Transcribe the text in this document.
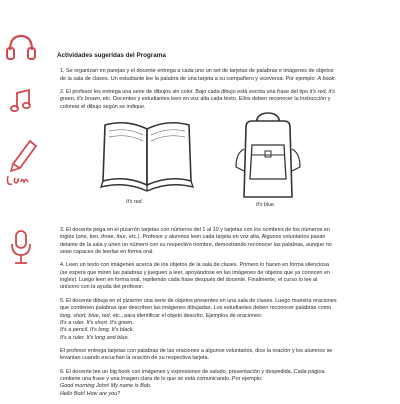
Actividades sugeridas del Programa
1. Se organizan en parejas y el docente entrega a cada uno un set de tarjetas de palabras e imágenes de objetos de la sala de clases. Un estudiante lee la palabra de una tarjeta a su compañero y viceversa. Por ejemplo: A book.
2. El profesor les entrega una serie de dibujos sin color. Bajo cada dibujo está escrita una frase del tipo it's red, it's green, it's brown, etc. Docentes y estudiantes leen en voz alta cada texto. Ellos deben reconocer la instrucción y colorear el dibujo según se indique.
It's red.	It's blue.
3. El docente pega en el pizarrón tarjetas con números del 1 al 10 y tarjetas con los nombres de los números en inglés (one, two, three, four, etc.). Profesor y alumnos leen cada tarjeta en voz alta. Algunos voluntarios pasan delante de la sala y unen un número con su respectivo nombre, demostrando reconocer las palabras, aunque no sean capaces de leerlas en forma oral.
4. Leen un texto con imágenes acerca de los objetos de la sala de clases. Primero lo hacen en forma silenciosa (se espera que miren las palabras y jueguen a leer, apoyándose en las imágenes de objetos que ya conocen en inglés). Luego leen en forma oral, repitiendo cada frase después del docente. Finalmente, el curso lo lee al unísono con la ayuda del profesor.
5. El docente dibuja en el pizarrón una serie de objetos presentes en una sala de clases. Luego muestra oraciones que contienen palabras que describen las imágenes dibujadas. Los estudiantes deben reconocer palabras como long, short, blue, red, etc., para identificar el objeto descrito. Ejemplos de oraciones:
It's a ruler. It's short. It's green.
It's a pencil. It's long. It's black.
It's a ruler. It's long and blue.
El profesor entrega tarjetas con palabras de las oraciones a algunos voluntarios, dice la oración y los alumnos se levantan cuando escuchan la oración de su respectiva tarjeta.
6. El docente lee un big book con imágenes y expresiones de saludo, presentación y despedida. Cada página contiene una frase y una imagen clara de lo que se está comunicando. Por ejemplo:
Good morning John! My name is Bob.
Hello Bob! How are you?
